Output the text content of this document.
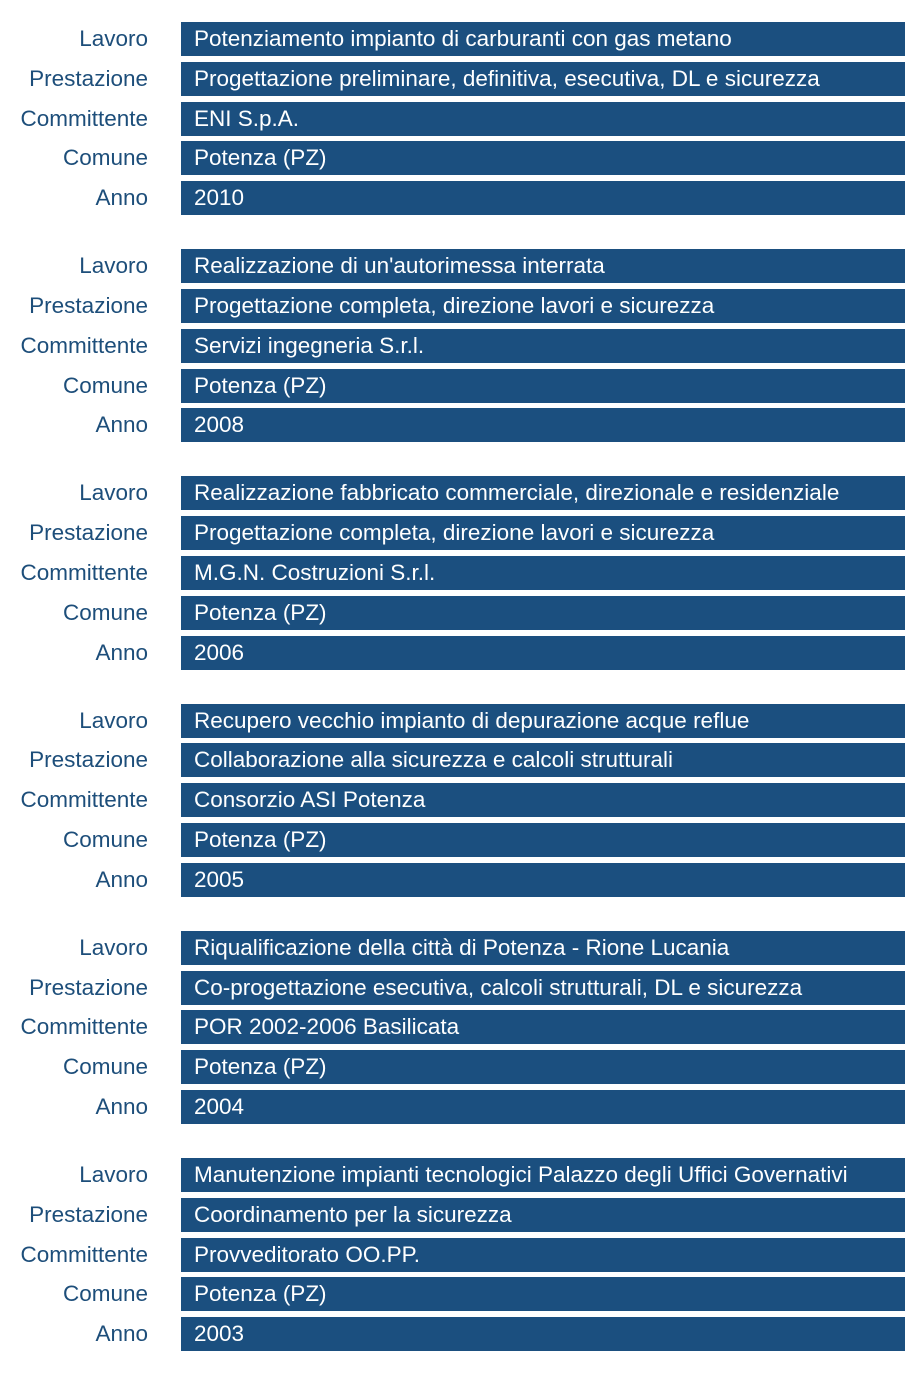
Lavoro	Potenziamento impianto di carburanti con gas metano
Prestazione	Progettazione preliminare, definitiva, esecutiva, DL e sicurezza
Committente	ENI S.p.A.
Comune	Potenza (PZ)
Anno	2010
Lavoro	Realizzazione di un'autorimessa interrata
Prestazione	Progettazione completa, direzione lavori e sicurezza
Committente	Servizi ingegneria S.r.l.
Comune	Potenza (PZ)
Anno	2008
Lavoro	Realizzazione fabbricato commerciale, direzionale e residenziale
Prestazione	Progettazione completa, direzione lavori e sicurezza
Committente	M.G.N. Costruzioni S.r.l.
Comune	Potenza (PZ)
Anno	2006
Lavoro	Recupero vecchio impianto di depurazione acque reflue
Prestazione	Collaborazione alla sicurezza e calcoli strutturali
Committente	Consorzio ASI Potenza
Comune	Potenza (PZ)
Anno	2005
Lavoro	Riqualificazione della città di Potenza - Rione Lucania
Prestazione	Co-progettazione esecutiva, calcoli strutturali, DL e sicurezza
Committente	POR 2002-2006 Basilicata
Comune	Potenza (PZ)
Anno	2004
Lavoro	Manutenzione impianti tecnologici Palazzo degli Uffici Governativi
Prestazione	Coordinamento per la sicurezza
Committente	Provveditorato OO.PP.
Comune	Potenza (PZ)
Anno	2003
